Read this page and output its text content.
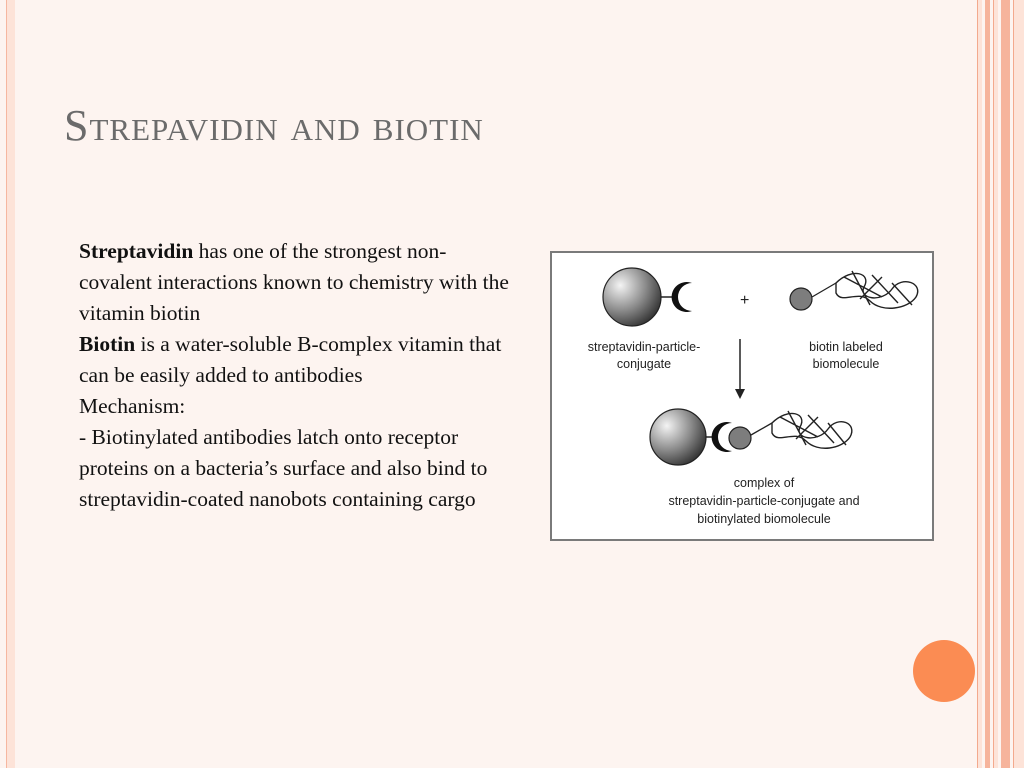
Strepavidin and biotin

Streptavidin has one of the strongest non-covalent interactions known to chemistry with the vitamin biotin

Biotin is a water-soluble B-complex vitamin that can be easily added to antibodies

Mechanism:

- Biotinylated antibodies latch onto receptor proteins on a bacteria’s surface and also bind to streptavidin-coated nanobots containing cargo

+
streptavidin-particle-
conjugate
biotin labeled
biomolecule
complex of
streptavidin-particle-conjugate and
biotinylated biomolecule
